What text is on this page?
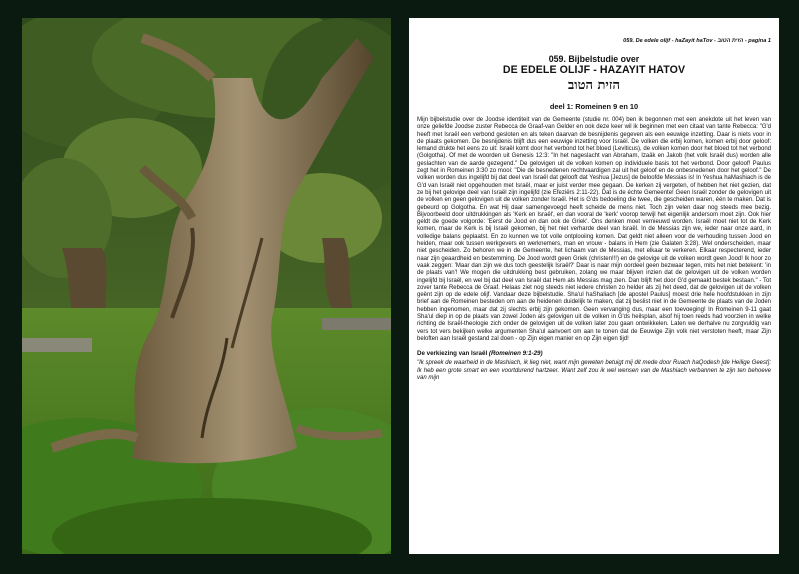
059. De edele olijf - haZayit haTov - הזית הטוב - pagina 1
059. Bijbelstudie over
DE EDELE OLIJF - HAZAYIT HATOV
הזית הטוב
deel 1: Romeinen 9 en 10
Mijn bijbelstudie over de Joodse identiteit van de Gemeente (studie nr. 004) ben ik begonnen met een anekdote uit het leven van onze geliefde Joodse zuster Rebecca de Graaf-van Gelder en ook deze keer wil ik beginnen met een citaat van tante Rebecca: "G'd heeft met Israël een verbond gesloten en als teken daarvan de besnijdenis gegeven als een eeuwige inzetting. Daar is niets voor in de plaats gekomen. De besnijdenis blijft dus een eeuwige inzetting voor Israël. De volken die erbij komen, komen erbij door geloof: lemand drukte het eens zo uit: Israël komt door het verbond tot het bloed (Leviticus), de volken komen door het bloed tot het verbond (Golgotha). Of met de woorden uit Genesis 12:3: "In het nageslacht van Abraham, Izaäk en Jakob (het volk Israël dus) worden alle geslachten van de aarde gezegend." De gelovigen uit de volken komen op individuele basis tot het verbond. Door geloof! Paulus zegt het in Romeinen 3:30 zo mooi: "Die de besnedenen rechtvaardigen zal uit het geloof en de onbesnedenen door het geloof." De volken worden dus ingelijfd bij dat deel van Israël dat gelooft dat Yeshua [Jezus] de beloofde Messias is! In Yeshua haMashiach is de G'd van Israël niet opgehouden met Israël, maar er juist verder mee gegaan. De kerken zij vergeten, of hebben het niet gezien, dat ze bij het gelovige deel van Israël zijn ingelijfd (zie Efeziërs 2:11-22). Dat is de échte Gemeente! Geen Israël zonder de gelovigen uit de volken en geen gelovigen uit de volken zonder Israël. Het is G'ds bedoeling die twee, die gescheiden waren, één te maken. Dat is gebeurd op Golgotha. En wat Hij daar samengevoegd heeft scheide de mens niet. Toch zijn velen daar nog steeds mee bezig. Bijvoorbeeld door uitdrukkingen als 'Kerk en Israël', en dan vooral de 'kerk' voorop terwijl het eigenlijk andersom moet zijn. Ook hier geldt de goede volgorde: 'Eerst de Jood en dan ook de Griek'. Ons denken moet vernieuwd worden. Israël moet niet tot de Kerk komen, maar de Kerk is bij Israël gekomen, bij het niet verharde deel van Israël. In de Messias zijn we, ieder naar onze aard, in volledige balans geplaatst. En zo kunnen we tot volle ontplooiing komen. Dat geldt niet alleen voor de verhouding tussen Jood en heiden, maar ook tussen werkgevers en werknemers, man en vrouw - balans in Hem (zie Galaten 3:28). Wel onderscheiden, maar niet gescheiden. Zo behoren we in de Gemeente, het lichaam van de Messias, met elkaar te verkeren. Elkaar respecterend, ieder naar zijn geaardheid en bestemming. De Jood wordt geen Griek (christen!!!) en de gelovige uit de volken wordt geen Jood! Ik hoor zo vaak zeggen: 'Maar dan zijn we dus toch geestelijk Israël?' Daar is naar mijn oordeel geen bezwaar tegen, mits het niet betekent: 'in de plaats van'! We mogen die uitdrukking best gebruiken, zolang we maar blijven inzien dat de gelovigen uit de volken worden ingelijfd bij Israël, en wel bij dat deel van Israël dat Hem als Messias mag zien. Dan blijft het door G'd gemaakt bestek bestaan." - Tot zover tante Rebecca de Graaf. Helaas ziet nog steeds niet iedere christen zo helder als zij het deed, dat de gelovigen uit de volken geënt zijn op de edele olijf. Vandaar deze bijbelstudie. Sha'ul haShaliach [de apostel Paulus] moest drie hele hoofdstukken in zijn brief aan de Romeinen besteden om aan de heidenen duidelijk te maken, dat zij beslist niet in de Gemeente de plaats van de Joden hebben ingenomen, maar dat zij slechts erbij zijn gekomen. Geen vervanging dus, maar een toevoeging! In Romeinen 9-11 gaat Sha'ul diep in op de plaats van zowel Joden als gelovigen uit de volken in G'ds heilsplan, alsof hij toen reeds had voorzien in welke richting de Israël-theologie zich onder de gelovigen uit de volken later zou gaan ontwikkelen. Laten we derhalve nu zorgvuldig van vers tot vers bekijken welke argumenten Sha'ul aanvoert om aan te tonen dat de Eeuwige Zijn volk niet verstoten heeft, maar Zijn beloften aan Israël gestand zal doen - op Zijn eigen manier en op Zijn eigen tijd!
De verkiezing van Israël (Romeinen 9:1-29)
"Ik spreek de waarheid in de Mashiach, ik lieg niet, want mijn geweten betuigt mij dit mede door Ruach haQodesh [de Heilige Geest]: Ik heb een grote smart en een voortdurend hartzeer. Want zelf zou ik wel wensen van de Mashiach verbannen te zijn ten behoeve van mijn
